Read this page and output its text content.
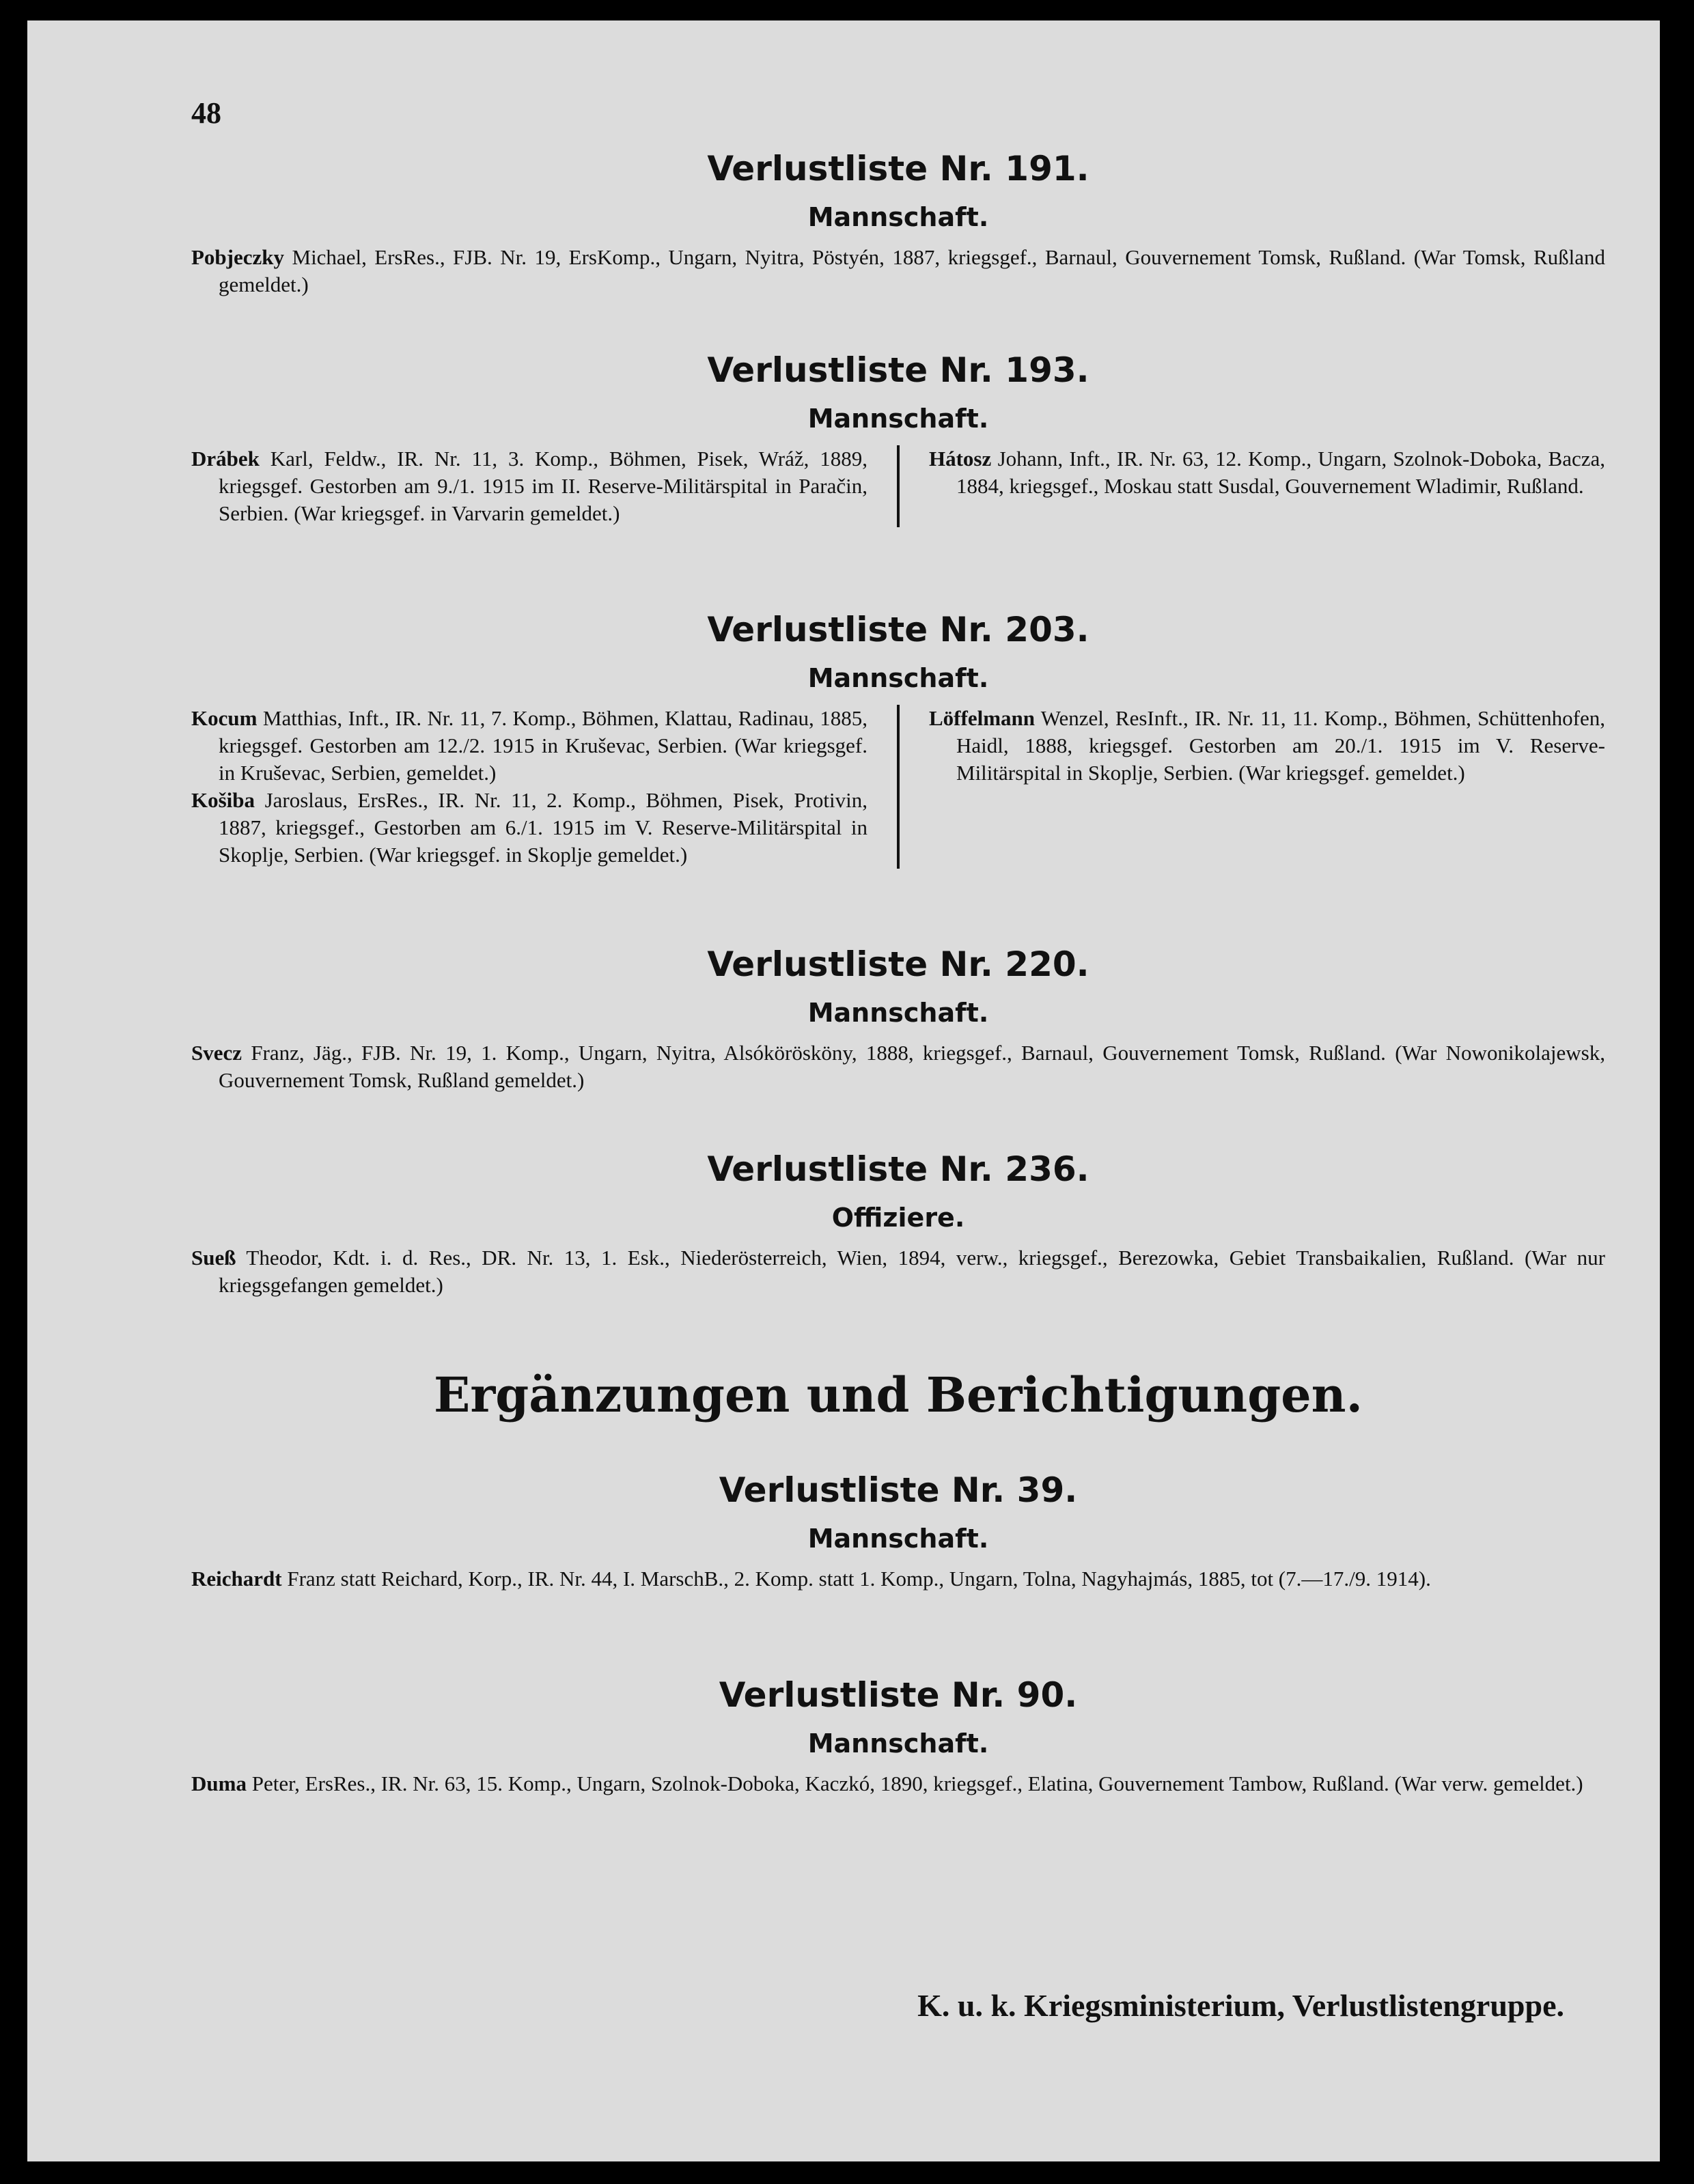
48
Verlustliste Nr. 191.
Mannschaft.

Pobjeczky Michael, ErsRes., FJB. Nr. 19, ErsKomp., Ungarn, Nyitra, Pöstyén, 1887, kriegsgef., Barnaul, Gouvernement Tomsk, Rußland. (War Tomsk, Rußland gemeldet.)

Verlustliste Nr. 193.
Mannschaft.

Drábek Karl, Feldw., IR. Nr. 11, 3. Komp., Böhmen, Pisek, Wráž, 1889, kriegsgef. Gestorben am 9./1. 1915 im II. Reserve-Militärspital in Paračin, Serbien. (War kriegsgef. in Varvarin gemeldet.)

Hátosz Johann, Inft., IR. Nr. 63, 12. Komp., Ungarn, Szolnok-Doboka, Bacza, 1884, kriegsgef., Moskau statt Susdal, Gouvernement Wladimir, Rußland.

Verlustliste Nr. 203.
Mannschaft.

Kocum Matthias, Inft., IR. Nr. 11, 7. Komp., Böhmen, Klattau, Radinau, 1885, kriegsgef. Gestorben am 12./2. 1915 in Kruševac, Serbien. (War kriegsgef. in Kruševac, Serbien, gemeldet.)

Košiba Jaroslaus, ErsRes., IR. Nr. 11, 2. Komp., Böhmen, Pisek, Protivin, 1887, kriegsgef., Gestorben am 6./1. 1915 im V. Reserve-Militärspital in Skoplje, Serbien. (War kriegsgef. in Skoplje gemeldet.)

Löffelmann Wenzel, ResInft., IR. Nr. 11, 11. Komp., Böhmen, Schüttenhofen, Haidl, 1888, kriegsgef. Gestorben am 20./1. 1915 im V. Reserve-Militärspital in Skoplje, Serbien. (War kriegsgef. gemeldet.)

Verlustliste Nr. 220.
Mannschaft.

Svecz Franz, Jäg., FJB. Nr. 19, 1. Komp., Ungarn, Nyitra, Alsókörösköny, 1888, kriegsgef., Barnaul, Gouvernement Tomsk, Rußland. (War Nowonikolajewsk, Gouvernement Tomsk, Rußland gemeldet.)

Verlustliste Nr. 236.
Offiziere.

Sueß Theodor, Kdt. i. d. Res., DR. Nr. 13, 1. Esk., Niederösterreich, Wien, 1894, verw., kriegsgef., Berezowka, Gebiet Transbaikalien, Rußland. (War nur kriegsgefangen gemeldet.)

Ergänzungen und Berichtigungen.
Verlustliste Nr. 39.
Mannschaft.

Reichardt Franz statt Reichard, Korp., IR. Nr. 44, I. MarschB., 2. Komp. statt 1. Komp., Ungarn, Tolna, Nagyhajmás, 1885, tot (7.—17./9. 1914).

Verlustliste Nr. 90.
Mannschaft.

Duma Peter, ErsRes., IR. Nr. 63, 15. Komp., Ungarn, Szolnok-Doboka, Kaczkó, 1890, kriegsgef., Elatina, Gouvernement Tambow, Rußland. (War verw. gemeldet.)

K. u. k. Kriegsministerium, Verlustlistengruppe.
